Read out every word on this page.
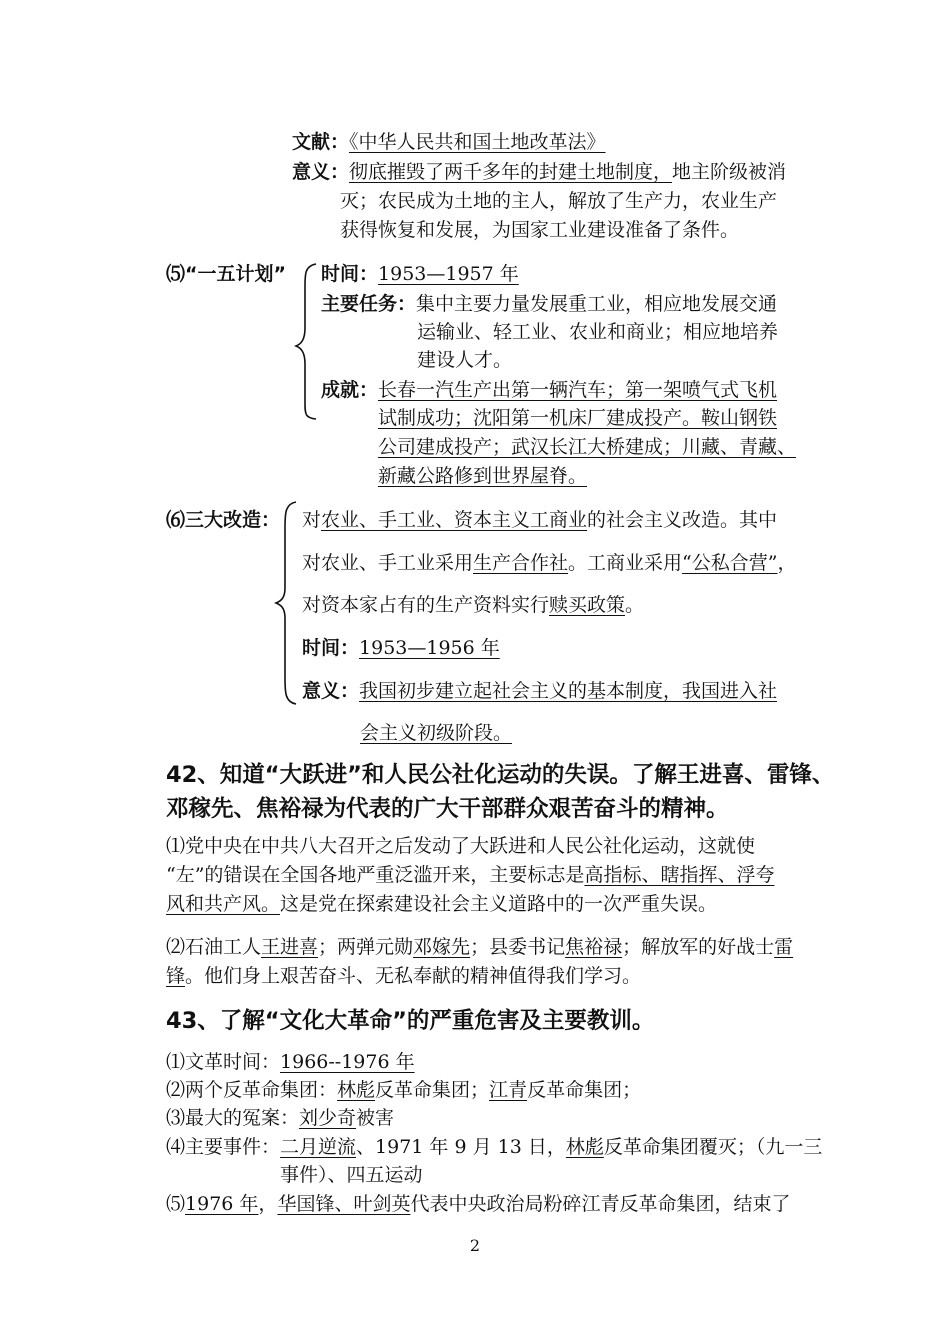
文献：《中华人民共和国土地改革法》
意义：彻底摧毁了两千多年的封建土地制度，地主阶级被消
灭；农民成为土地的主人，解放了生产力，农业生产
获得恢复和发展，为国家工业建设准备了条件。
⑸“一五计划” 时间：1953—1957 年
主要任务：集中主要力量发展重工业，相应地发展交通
运输业、轻工业、农业和商业；相应地培养
建设人才。
成就：长春一汽生产出第一辆汽车；第一架喷气式飞机
试制成功；沈阳第一机床厂建成投产。鞍山钢铁
公司建成投产；武汉长江大桥建成；川藏、青藏、
新藏公路修到世界屋脊。
⑹三大改造： 对农业、手工业、资本主义工商业的社会主义改造。其中
对农业、手工业采用生产合作社。工商业采用“公私合营”，
对资本家占有的生产资料实行赎买政策。
时间：1953—1956 年
意义：我国初步建立起社会主义的基本制度，我国进入社
会主义初级阶段。
42、知道“大跃进”和人民公社化运动的失误。了解王进喜、雷锋、
邓稼先、焦裕禄为代表的广大干部群众艰苦奋斗的精神。
⑴党中央在中共八大召开之后发动了大跃进和人民公社化运动，这就使
“左”的错误在全国各地严重泛滥开来，主要标志是高指标、瞎指挥、浮夸
风和共产风。这是党在探索建设社会主义道路中的一次严重失误。
⑵石油工人王进喜；两弹元勋邓嫁先；县委书记焦裕禄；解放军的好战士雷
锋。他们身上艰苦奋斗、无私奉献的精神值得我们学习。
43、了解“文化大革命”的严重危害及主要教训。
⑴文革时间：1966--1976 年
⑵两个反革命集团：林彪反革命集团；江青反革命集团；
⑶最大的冤案：刘少奇被害
⑷主要事件：二月逆流、1971 年 9 月 13 日，林彪反革命集团覆灭；（九一三
事件）、四五运动
⑸1976 年，华国锋、叶剑英代表中央政治局粉碎江青反革命集团，结束了
2
